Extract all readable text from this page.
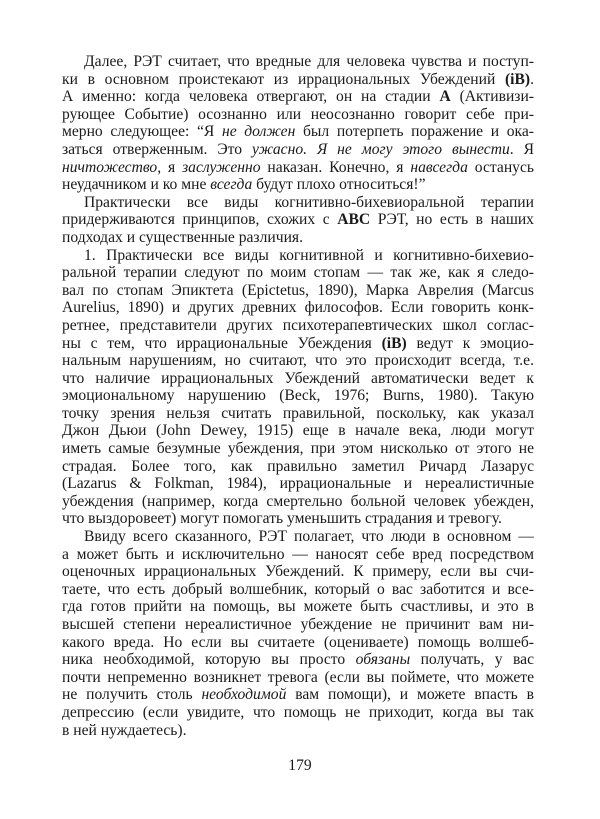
Далее, РЭТ считает, что вредные для человека чувства и поступ-
ки в основном проистекают из иррациональных Убеждений (iB).
А именно: когда человека отвергают, он на стадии A (Активизи-
рующее Событие) осознанно или неосознанно говорит себе при-
мерно следующее: “Я не должен был потерпеть поражение и ока-
заться отверженным. Это ужасно. Я не могу этого вынести. Я
ничтожество, я заслуженно наказан. Конечно, я навсегда останусь
неудачником и ко мне всегда будут плохо относиться!”
Практически все виды когнитивно-бихевиоральной терапии
придерживаются принципов, схожих с ABC РЭТ, но есть в наших
подходах и существенные различия.
1. Практически все виды когнитивной и когнитивно-бихевио-
ральной терапии следуют по моим стопам — так же, как я следо-
вал по стопам Эпиктета (Epictetus, 1890), Марка Аврелия (Marcus
Aurelius, 1890) и других древних философов. Если говорить конк-
ретнее, представители других психотерапевтических школ соглас-
ны с тем, что иррациональные Убеждения (iB) ведут к эмоцио-
нальным нарушениям, но считают, что это происходит всегда, т.е.
что наличие иррациональных Убеждений автоматически ведет к
эмоциональному нарушению (Beck, 1976; Burns, 1980). Такую
точку зрения нельзя считать правильной, поскольку, как указал
Джон Дьюи (John Dewey, 1915) еще в начале века, люди могут
иметь самые безумные убеждения, при этом нисколько от этого не
страдая. Более того, как правильно заметил Ричард Лазарус
(Lazarus & Folkman, 1984), иррациональные и нереалистичные
убеждения (например, когда смертельно больной человек убежден,
что выздоровеет) могут помогать уменьшить страдания и тревогу.
Ввиду всего сказанного, РЭТ полагает, что люди в основном —
а может быть и исключительно — наносят себе вред посредством
оценочных иррациональных Убеждений. К примеру, если вы счи-
таете, что есть добрый волшебник, который о вас заботится и все-
гда готов прийти на помощь, вы можете быть счастливы, и это в
высшей степени нереалистичное убеждение не причинит вам ни-
какого вреда. Но если вы считаете (оцениваете) помощь волшеб-
ника необходимой, которую вы просто обязаны получать, у вас
почти непременно возникнет тревога (если вы поймете, что можете
не получить столь необходимой вам помощи), и можете впасть в
депрессию (если увидите, что помощь не приходит, когда вы так
в ней нуждаетесь).
179
